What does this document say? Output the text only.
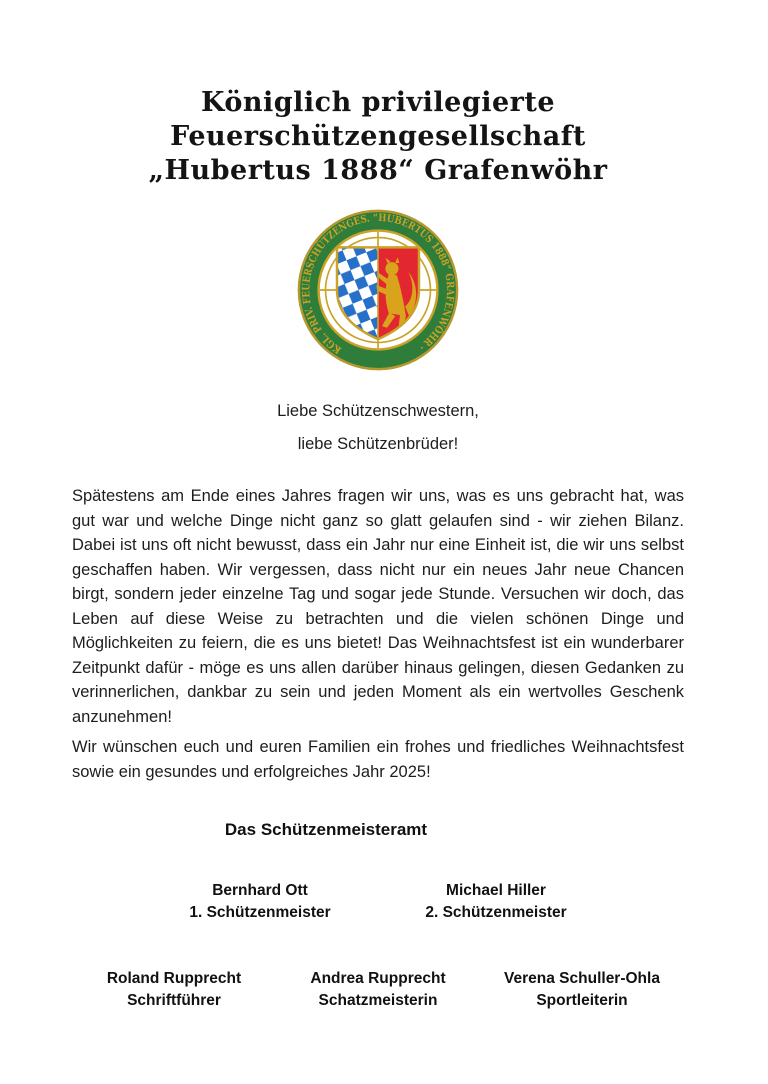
Königlich privilegierte Feuerschützengesellschaft
„Hubertus 1888“ Grafenwöhr
KGL. PRIV. FEUERSCHÜTZENGES. “HUBERTUS 1888” GRAFENWÖHR ·

Liebe Schützenschwestern,

liebe Schützenbrüder!

Spätestens am Ende eines Jahres fragen wir uns, was es uns gebracht hat, was gut war und welche Dinge nicht ganz so glatt gelaufen sind - wir ziehen Bilanz. Dabei ist uns oft nicht bewusst, dass ein Jahr nur eine Einheit ist, die wir uns selbst geschaffen haben. Wir vergessen, dass nicht nur ein neues Jahr neue Chancen birgt, sondern jeder einzelne Tag und sogar jede Stunde. Versuchen wir doch, das Leben auf diese Weise zu betrachten und die vielen schönen Dinge und Möglichkeiten zu feiern, die es uns bietet! Das Weihnachtsfest ist ein wunderbarer Zeitpunkt dafür - möge es uns allen darüber hinaus gelingen, diesen Gedanken zu verinnerlichen, dankbar zu sein und jeden Moment als ein wertvolles Geschenk anzunehmen!

Wir wünschen euch und euren Familien ein frohes und friedliches Weihnachtsfest sowie ein gesundes und erfolgreiches Jahr 2025!

Das Schützenmeisteramt

Bernhard Ott

1. Schützenmeister

Michael Hiller

2. Schützenmeister

Roland Rupprecht

Schriftführer

Andrea Rupprecht

Schatzmeisterin

Verena Schuller-Ohla

Sportleiterin
